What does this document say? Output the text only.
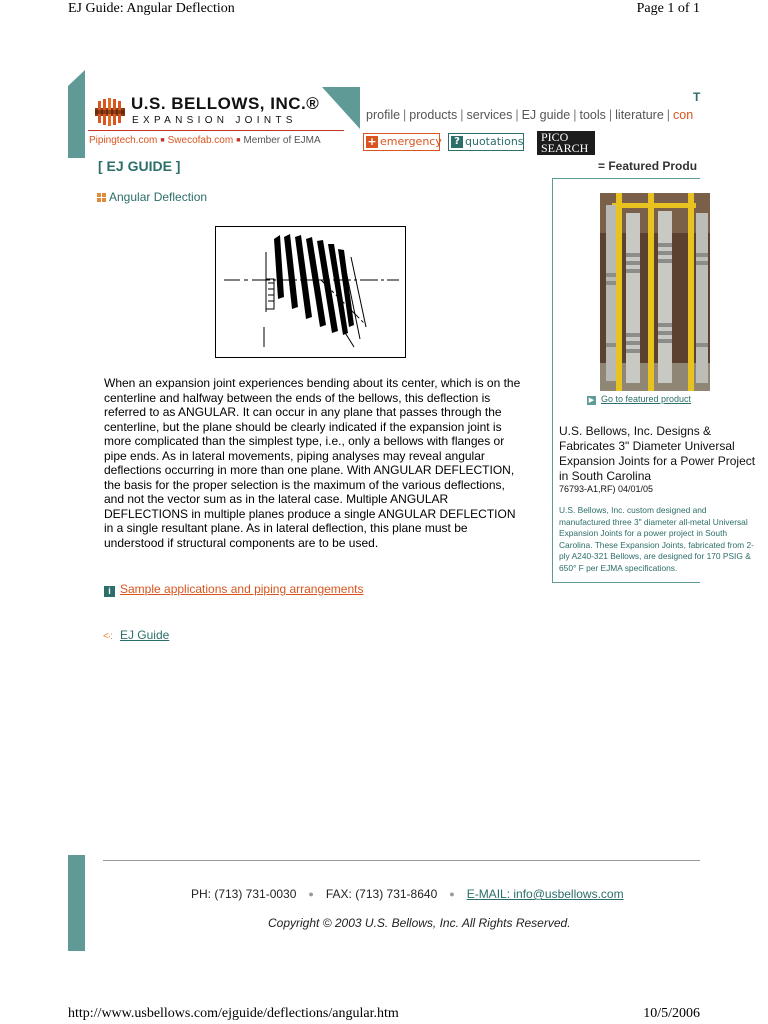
EJ Guide: Angular Deflection	Page 1 of 1
U.S. BELLOWS, INC.®
EXPANSION JOINTS
Pipingtech.com ■ Swecofab.com ■ Member of EJMA
profile | products | services | EJ guide | tools | literature | con
T
+ emergency	? quotations PICO
SEARCH
[ EJ GUIDE ]	= Featured Produ
Angular Deflection
When an expansion joint experiences bending about its center, which is on the centerline and halfway between the ends of the bellows, this deflection is referred to as ANGULAR. It can occur in any plane that passes through the centerline, but the plane should be clearly indicated if the expansion joint is more complicated than the simplest type, i.e., only a bellows with flanges or pipe ends. As in lateral movements, piping analyses may reveal angular deflections occurring in more than one plane. With ANGULAR DEFLECTION, the basis for the proper selection is the maximum of the various deflections, and not the vector sum as in the lateral case. Multiple ANGULAR DEFLECTIONS in multiple planes produce a single ANGULAR DEFLECTION in a single resultant plane. As in lateral deflection, this plane must be understood if structural components are to be used.
i Sample applications and piping arrangements
<·: EJ Guide
▶ Go to featured product
U.S. Bellows, Inc. Designs & Fabricates 3" Diameter Universal Expansion Joints for a Power Project in South Carolina
76793-A1,RF) 04/01/05
U.S. Bellows, Inc. custom designed and manufactured three 3" diameter all-metal Universal Expansion Joints for a power project in South Carolina. These Expansion Joints, fabricated from 2-ply A240-321 Bellows, are designed for 170 PSIG & 650° F per EJMA specifications.
PH: (713) 731-0030 ● FAX: (713) 731-8640 ● E-MAIL: info@usbellows.com
Copyright © 2003 U.S. Bellows, Inc. All Rights Reserved.
http://www.usbellows.com/ejguide/deflections/angular.htm	10/5/2006
